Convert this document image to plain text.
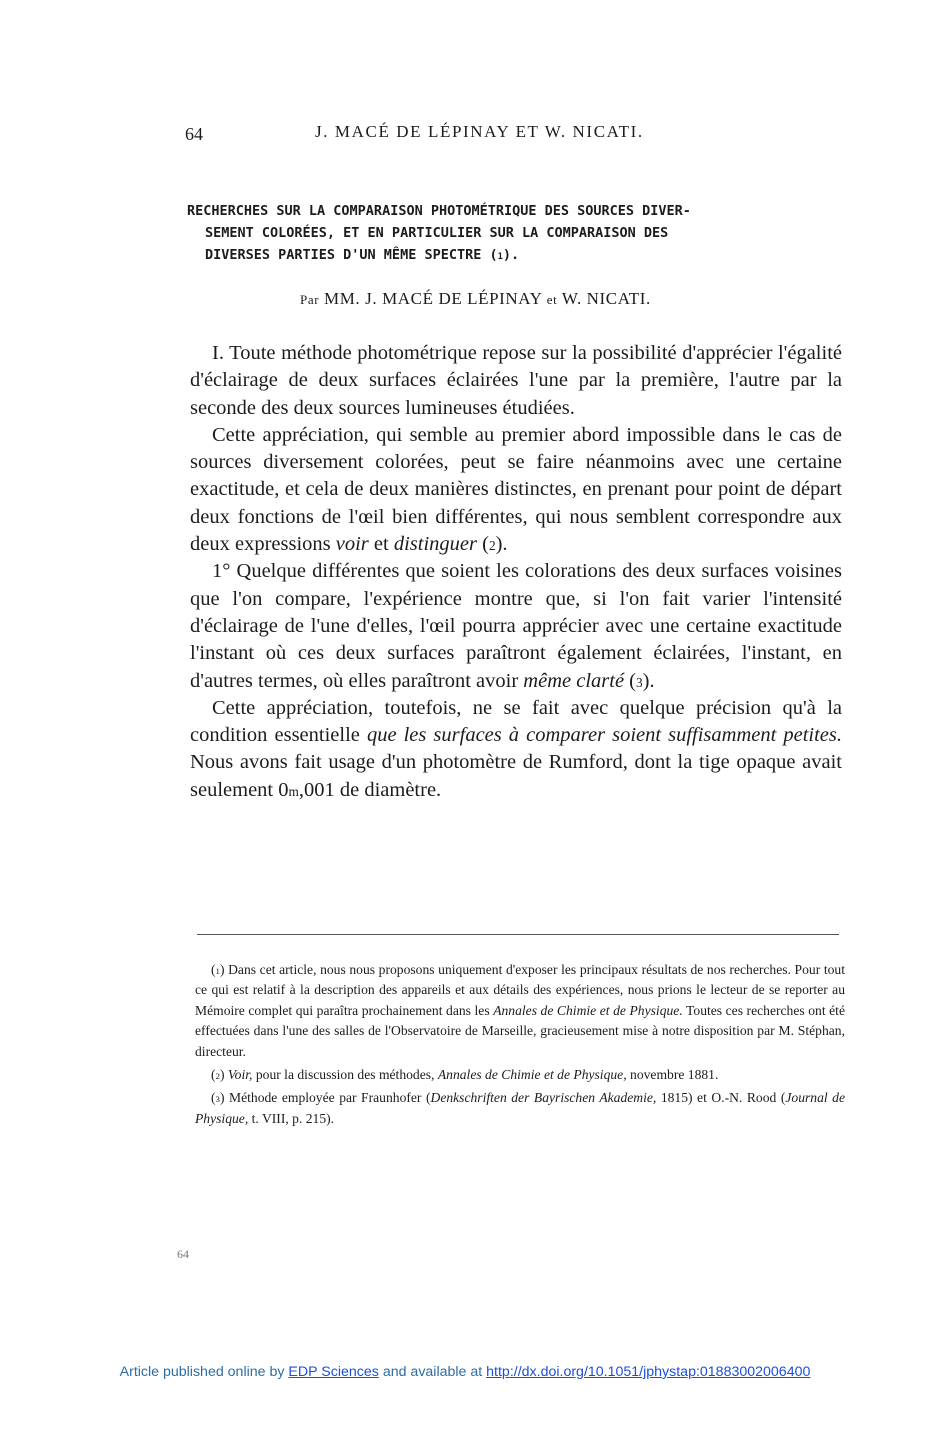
64	J. MACÉ DE LÉPINAY ET W. NICATI.
RECHERCHES SUR LA COMPARAISON PHOTOMÉTRIQUE DES SOURCES DIVER-
SEMENT COLORÉES, ET EN PARTICULIER SUR LA COMPARAISON DES
DIVERSES PARTIES D'UN MÊME SPECTRE ($^1$).
Par MM. J. MACÉ DE LÉPINAY et W. NICATI.

I. Toute méthode photométrique repose sur la possibilité d'apprécier l'égalité d'éclairage de deux surfaces éclairées l'une par la première, l'autre par la seconde des deux sources lumineuses étudiées.

Cette appréciation, qui semble au premier abord impossible dans le cas de sources diversement colorées, peut se faire néanmoins avec une certaine exactitude, et cela de deux manières distinctes, en prenant pour point de départ deux fonctions de l'œil bien différentes, qui nous semblent correspondre aux deux expressions voir et distinguer ($^2$).

1° Quelque différentes que soient les colorations des deux surfaces voisines que l'on compare, l'expérience montre que, si l'on fait varier l'intensité d'éclairage de l'une d'elles, l'œil pourra apprécier avec une certaine exactitude l'instant où ces deux surfaces paraîtront également éclairées, l'instant, en d'autres termes, où elles paraîtront avoir même clarté ($^3$).

Cette appréciation, toutefois, ne se fait avec quelque précision qu'à la condition essentielle que les surfaces à comparer soient suffisamment petites. Nous avons fait usage d'un photomètre de Rumford, dont la tige opaque avait seulement 0$^m$,001 de diamètre.

($^1$) Dans cet article, nous nous proposons uniquement d'exposer les principaux résultats de nos recherches. Pour tout ce qui est relatif à la description des appareils et aux détails des expériences, nous prions le lecteur de se reporter au Mémoire complet qui paraîtra prochainement dans les Annales de Chimie et de Physique. Toutes ces recherches ont été effectuées dans l'une des salles de l'Observatoire de Marseille, gracieusement mise à notre disposition par M. Stéphan, directeur.

($^2$) Voir, pour la discussion des méthodes, Annales de Chimie et de Physique, novembre 1881.

($^3$) Méthode employée par Fraunhofer (Denkschriften der Bayrischen Akademie, 1815) et O.-N. Rood (Journal de Physique, t. VIII, p. 215).

64
Article published online by EDP Sciences and available at http://dx.doi.org/10.1051/jphystap:01883002006400
